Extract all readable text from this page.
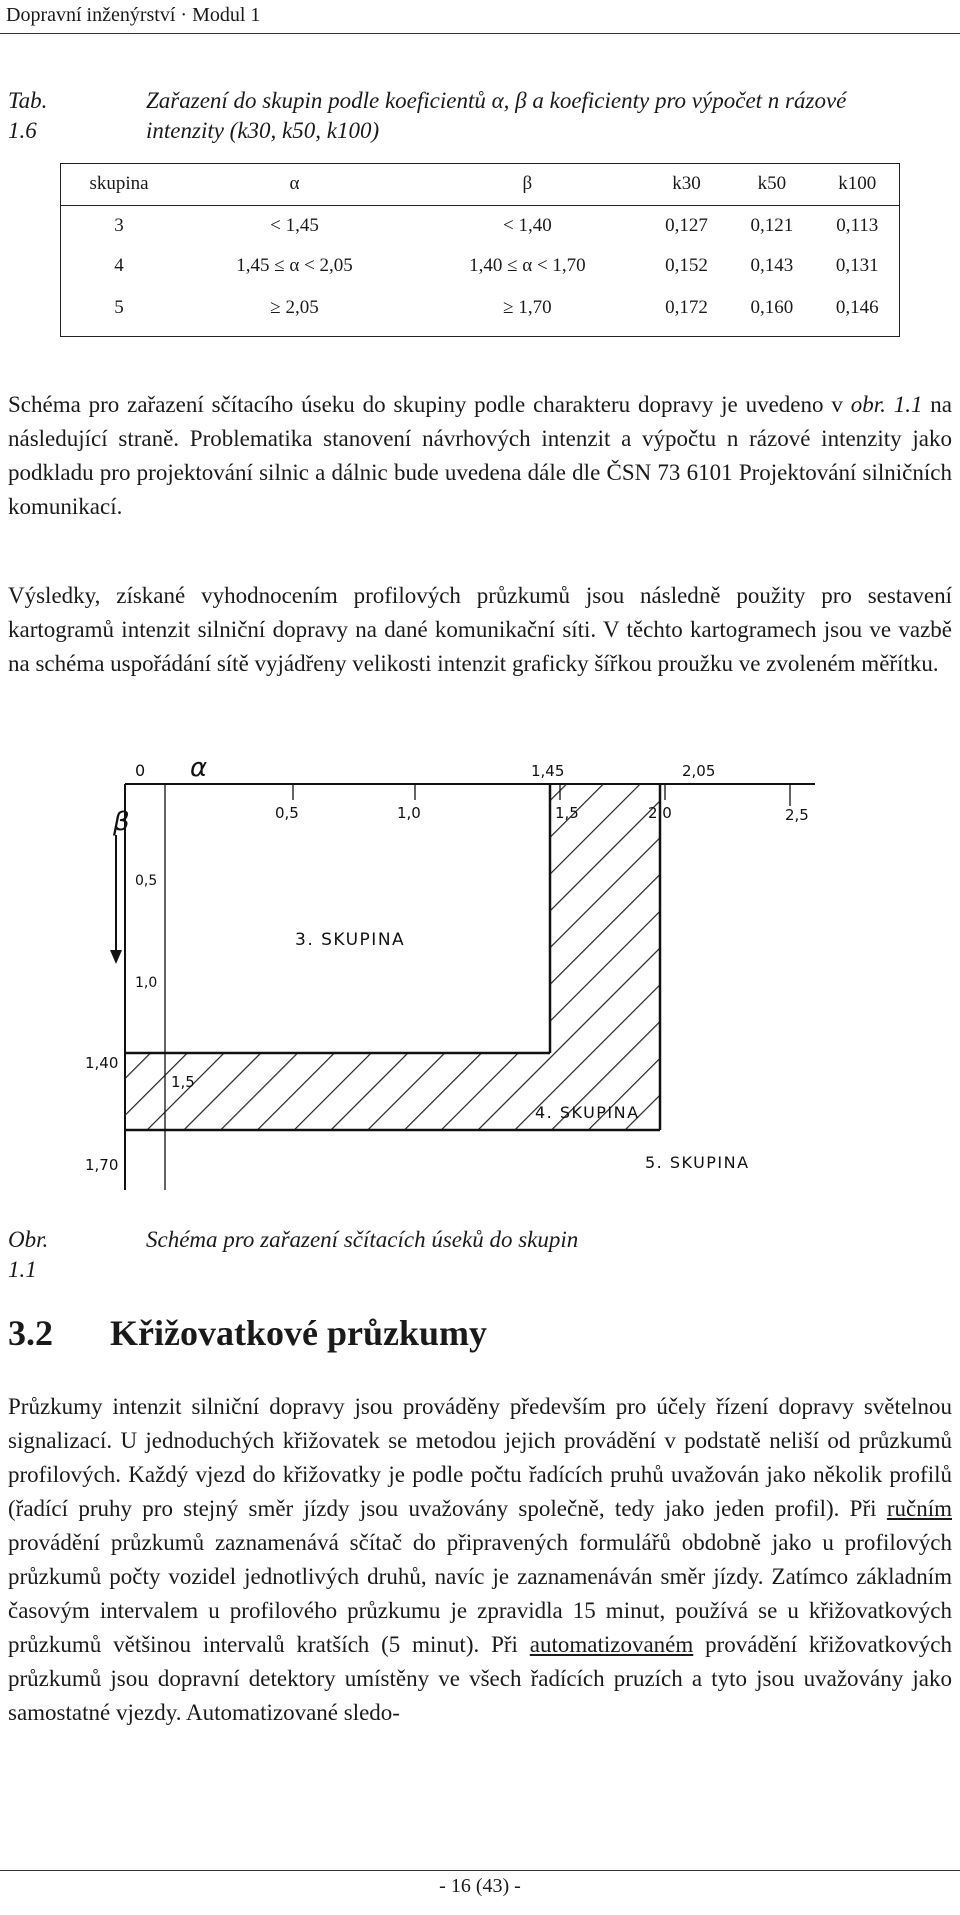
Dopravní inženýrství · Modul 1
Tab. 1.6
Zařazení do skupin podle koeficientů α, β a koeficienty pro výpočet n rázové intenzity (k30, k50, k100)
skupina	α	β	k30	k50	k100
3	< 1,45	< 1,40	0,127	0,121	0,113
4	1,45 ≤ α < 2,05	1,40 ≤ α < 1,70	0,152	0,143	0,131
5	≥ 2,05	≥ 1,70	0,172	0,160	0,146

Schéma pro zařazení sčítacího úseku do skupiny podle charakteru dopravy je uvedeno v obr. 1.1 na následující straně. Problematika stanovení návrhových intenzit a výpočtu n rázové intenzity jako podkladu pro projektování silnic a dálnic bude uvedena dále dle ČSN 73 6101 Projektování silničních komunikací.

Výsledky, získané vyhodnocením profilových průzkumů jsou následně použity pro sestavení kartogramů intenzit silniční dopravy na dané komunikační síti. V těchto kartogramech jsou ve vazbě na schéma uspořádání sítě vyjádřeny velikosti intenzit graficky šířkou proužku ve zvoleném měřítku.

0 α
β	0,5	1,0
1,45
1,5	2,0
2,05
2,5
0,5
1,0
1,40
1,5
1,70
3. SKUPINA
4. SKUPINA
5. SKUPINA
Obr. 1.1
Schéma pro zařazení sčítacích úseků do skupin
3.2 Křižovatkové průzkumy

Průzkumy intenzit silniční dopravy jsou prováděny především pro účely řízení dopravy světelnou signalizací. U jednoduchých křižovatek se metodou jejich provádění v podstatě neliší od průzkumů profilových. Každý vjezd do křižovatky je podle počtu řadících pruhů uvažován jako několik profilů (řadící pruhy pro stejný směr jízdy jsou uvažovány společně, tedy jako jeden profil). Při ručním provádění průzkumů zaznamenává sčítač do připravených formulářů obdobně jako u profilových průzkumů počty vozidel jednotlivých druhů, navíc je zaznamenáván směr jízdy. Zatímco základním časovým intervalem u profilového průzkumu je zpravidla 15 minut, používá se u křižovatkových průzkumů většinou intervalů kratších (5 minut). Při automatizovaném provádění křižovatkových průzkumů jsou dopravní detektory umístěny ve všech řadících pruzích a tyto jsou uvažovány jako samostatné vjezdy. Automatizované sledo-

- 16 (43) -
